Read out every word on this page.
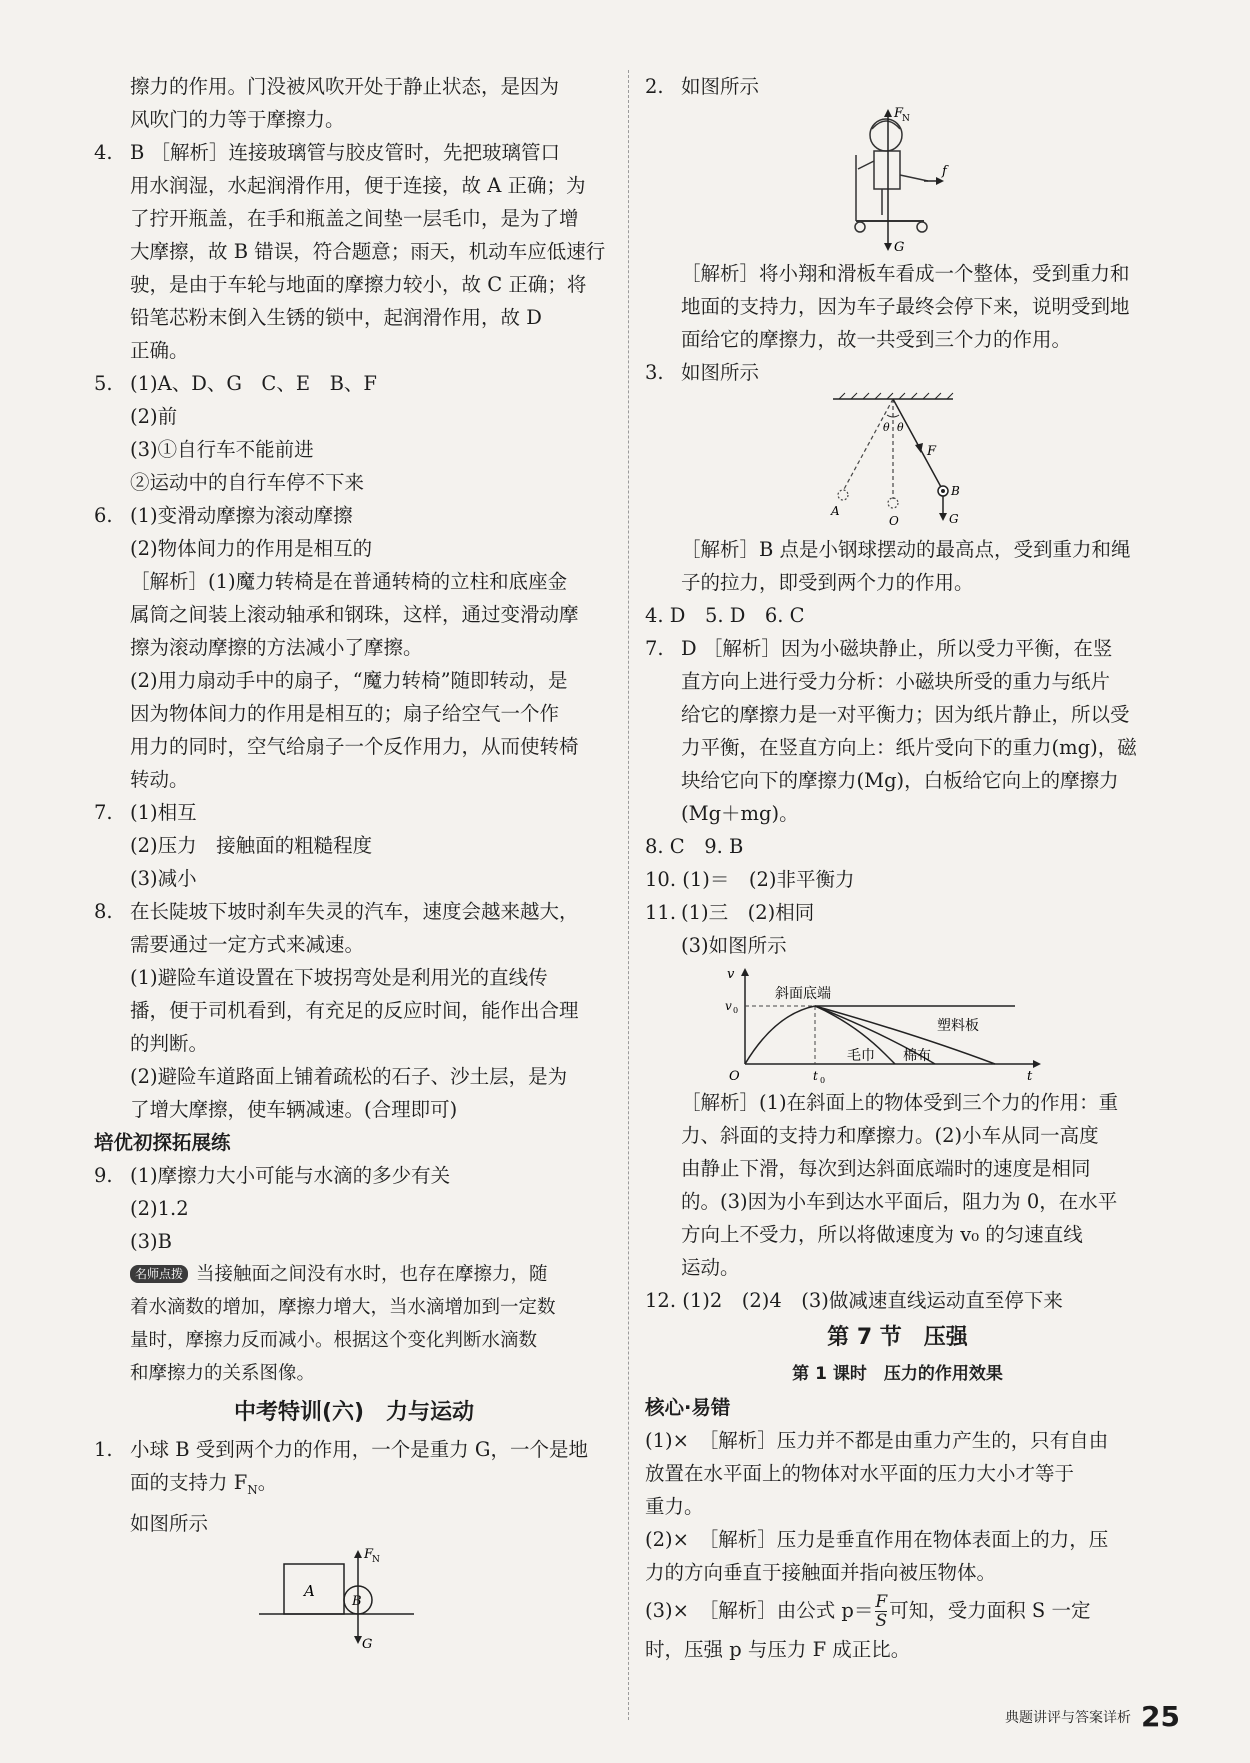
擦力的作用。门没被风吹开处于静止状态，是因为
风吹门的力等于摩擦力。
4. B ［解析］连接玻璃管与胶皮管时，先把玻璃管口
用水润湿，水起润滑作用，便于连接，故 A 正确；为
了拧开瓶盖，在手和瓶盖之间垫一层毛巾，是为了增
大摩擦，故 B 错误，符合题意；雨天，机动车应低速行
驶，是由于车轮与地面的摩擦力较小，故 C 正确；将
铅笔芯粉末倒入生锈的锁中，起润滑作用，故 D
正确。
5. (1)A、D、G　C、E　B、F
(2)前
(3)①自行车不能前进
②运动中的自行车停不下来
6. (1)变滑动摩擦为滚动摩擦
(2)物体间力的作用是相互的
［解析］(1)魔力转椅是在普通转椅的立柱和底座金
属筒之间装上滚动轴承和钢珠，这样，通过变滑动摩
擦为滚动摩擦的方法减小了摩擦。
(2)用力扇动手中的扇子，“魔力转椅”随即转动，是
因为物体间力的作用是相互的；扇子给空气一个作
用力的同时，空气给扇子一个反作用力，从而使转椅
转动。
7. (1)相互
(2)压力　接触面的粗糙程度
(3)减小
8. 在长陡坡下坡时刹车失灵的汽车，速度会越来越大，
需要通过一定方式来减速。
(1)避险车道设置在下坡拐弯处是利用光的直线传
播，便于司机看到，有充足的反应时间，能作出合理
的判断。
(2)避险车道路面上铺着疏松的石子、沙土层，是为
了增大摩擦，使车辆减速。(合理即可)
培优初探拓展练
9. (1)摩擦力大小可能与水滴的多少有关
(2)1.2
(3)B
名师点拨 当接触面之间没有水时，也存在摩擦力，随
着水滴数的增加，摩擦力增大，当水滴增加到一定数
量时，摩擦力反而减小。根据这个变化判断水滴数
和摩擦力的关系图像。
中考特训(六)　力与运动
1. 小球 B 受到两个力的作用，一个是重力 G，一个是地
面的支持力 $F_N$。
如图所示
A
B
F
N
G
2. 如图所示
F
N
f
G
［解析］将小翔和滑板车看成一个整体，受到重力和
地面的支持力，因为车子最终会停下来，说明受到地
面给它的摩擦力，故一共受到三个力的作用。
3. 如图所示
θ θ
F
A
O
B
G
［解析］B 点是小钢球摆动的最高点，受到重力和绳
子的拉力，即受到两个力的作用。
4. D　5. D　6. C
7. D ［解析］因为小磁块静止，所以受力平衡，在竖
直方向上进行受力分析：小磁块所受的重力与纸片
给它的摩擦力是一对平衡力；因为纸片静止，所以受
力平衡，在竖直方向上：纸片受向下的重力(mg)，磁
块给它向下的摩擦力(Mg)，白板给它向上的摩擦力
(Mg＋mg)。
8. C　9. B
10. (1)＝　(2)非平衡力
11. (1)三　(2)相同
(3)如图所示
v
t
O
v 0
t 0
斜面底端
塑料板
毛巾 棉布
［解析］(1)在斜面上的物体受到三个力的作用：重
力、斜面的支持力和摩擦力。(2)小车从同一高度
由静止下滑，每次到达斜面底端时的速度是相同
的。(3)因为小车到达水平面后，阻力为 0，在水平
方向上不受力，所以将做速度为 v₀ 的匀速直线
运动。
12. (1)2　(2)4　(3)做减速直线运动直至停下来
第 7 节　压强
第 1 课时　压力的作用效果
核心·易错
(1)×　［解析］压力并不都是由重力产生的，只有自由
放置在水平面上的物体对水平面的压力大小才等于
重力。
(2)×　［解析］压力是垂直作用在物体表面上的力，压
力的方向垂直于接触面并指向被压物体。
(3)×　［解析］由公式 $p= \frac{F}{S}$ 可知，受力面积 S 一定
时，压强 p 与压力 F 成正比。
典题讲评与答案详析 25
